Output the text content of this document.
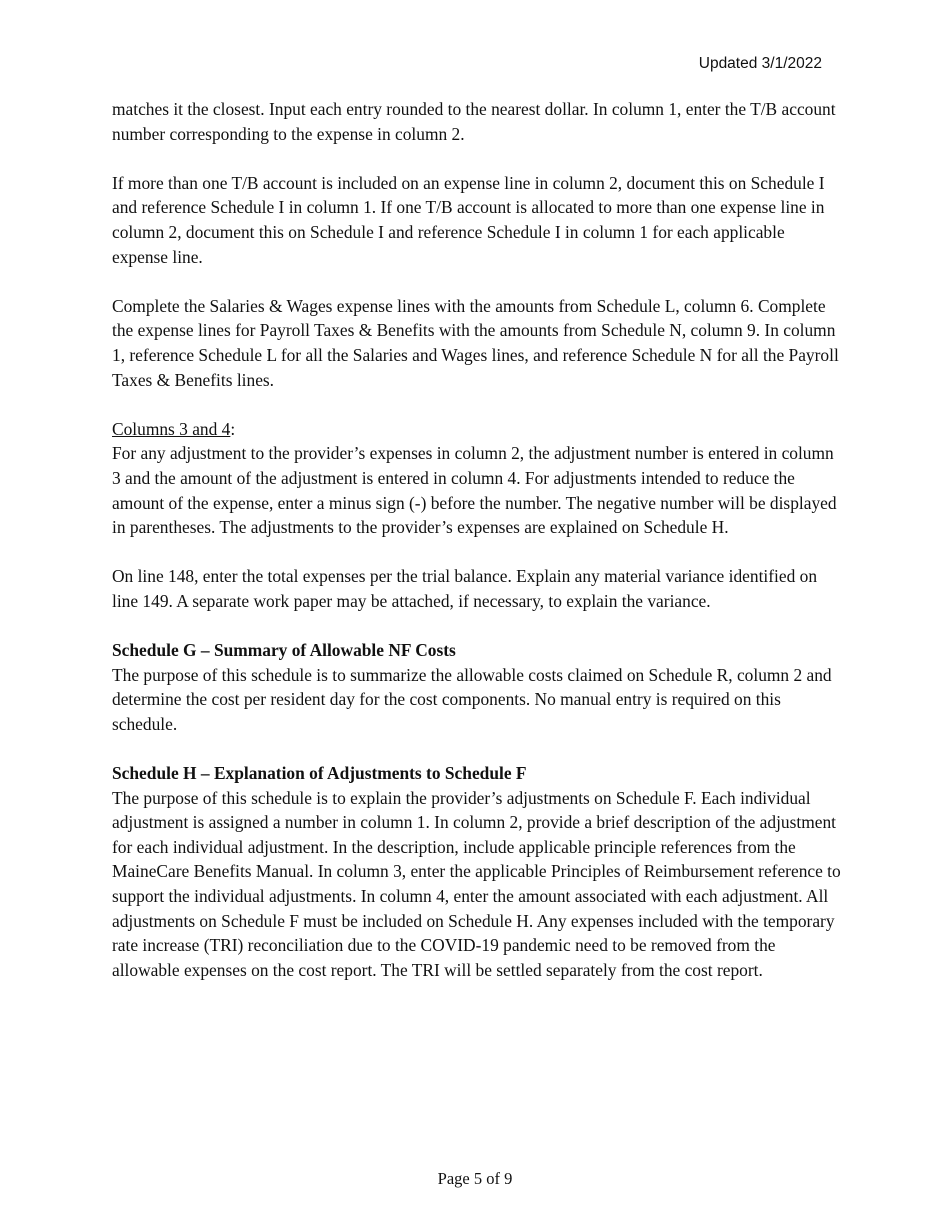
Updated 3/1/2022

matches it the closest. Input each entry rounded to the nearest dollar. In column 1, enter the T/B account number corresponding to the expense in column 2.

If more than one T/B account is included on an expense line in column 2, document this on Schedule I and reference Schedule I in column 1. If one T/B account is allocated to more than one expense line in column 2, document this on Schedule I and reference Schedule I in column 1 for each applicable expense line.

Complete the Salaries & Wages expense lines with the amounts from Schedule L, column 6. Complete the expense lines for Payroll Taxes & Benefits with the amounts from Schedule N, column 9. In column 1, reference Schedule L for all the Salaries and Wages lines, and reference Schedule N for all the Payroll Taxes & Benefits lines.

Columns 3 and 4:

For any adjustment to the provider’s expenses in column 2, the adjustment number is entered in column 3 and the amount of the adjustment is entered in column 4. For adjustments intended to reduce the amount of the expense, enter a minus sign (-) before the number. The negative number will be displayed in parentheses. The adjustments to the provider’s expenses are explained on Schedule H.

On line 148, enter the total expenses per the trial balance. Explain any material variance identified on line 149. A separate work paper may be attached, if necessary, to explain the variance.

Schedule G – Summary of Allowable NF Costs

The purpose of this schedule is to summarize the allowable costs claimed on Schedule R, column 2 and determine the cost per resident day for the cost components. No manual entry is required on this schedule.

Schedule H – Explanation of Adjustments to Schedule F

The purpose of this schedule is to explain the provider’s adjustments on Schedule F. Each individual adjustment is assigned a number in column 1. In column 2, provide a brief description of the adjustment for each individual adjustment. In the description, include applicable principle references from the MaineCare Benefits Manual. In column 3, enter the applicable Principles of Reimbursement reference to support the individual adjustments. In column 4, enter the amount associated with each adjustment. All adjustments on Schedule F must be included on Schedule H. Any expenses included with the temporary rate increase (TRI) reconciliation due to the COVID-19 pandemic need to be removed from the allowable expenses on the cost report. The TRI will be settled separately from the cost report.

Page 5 of 9
